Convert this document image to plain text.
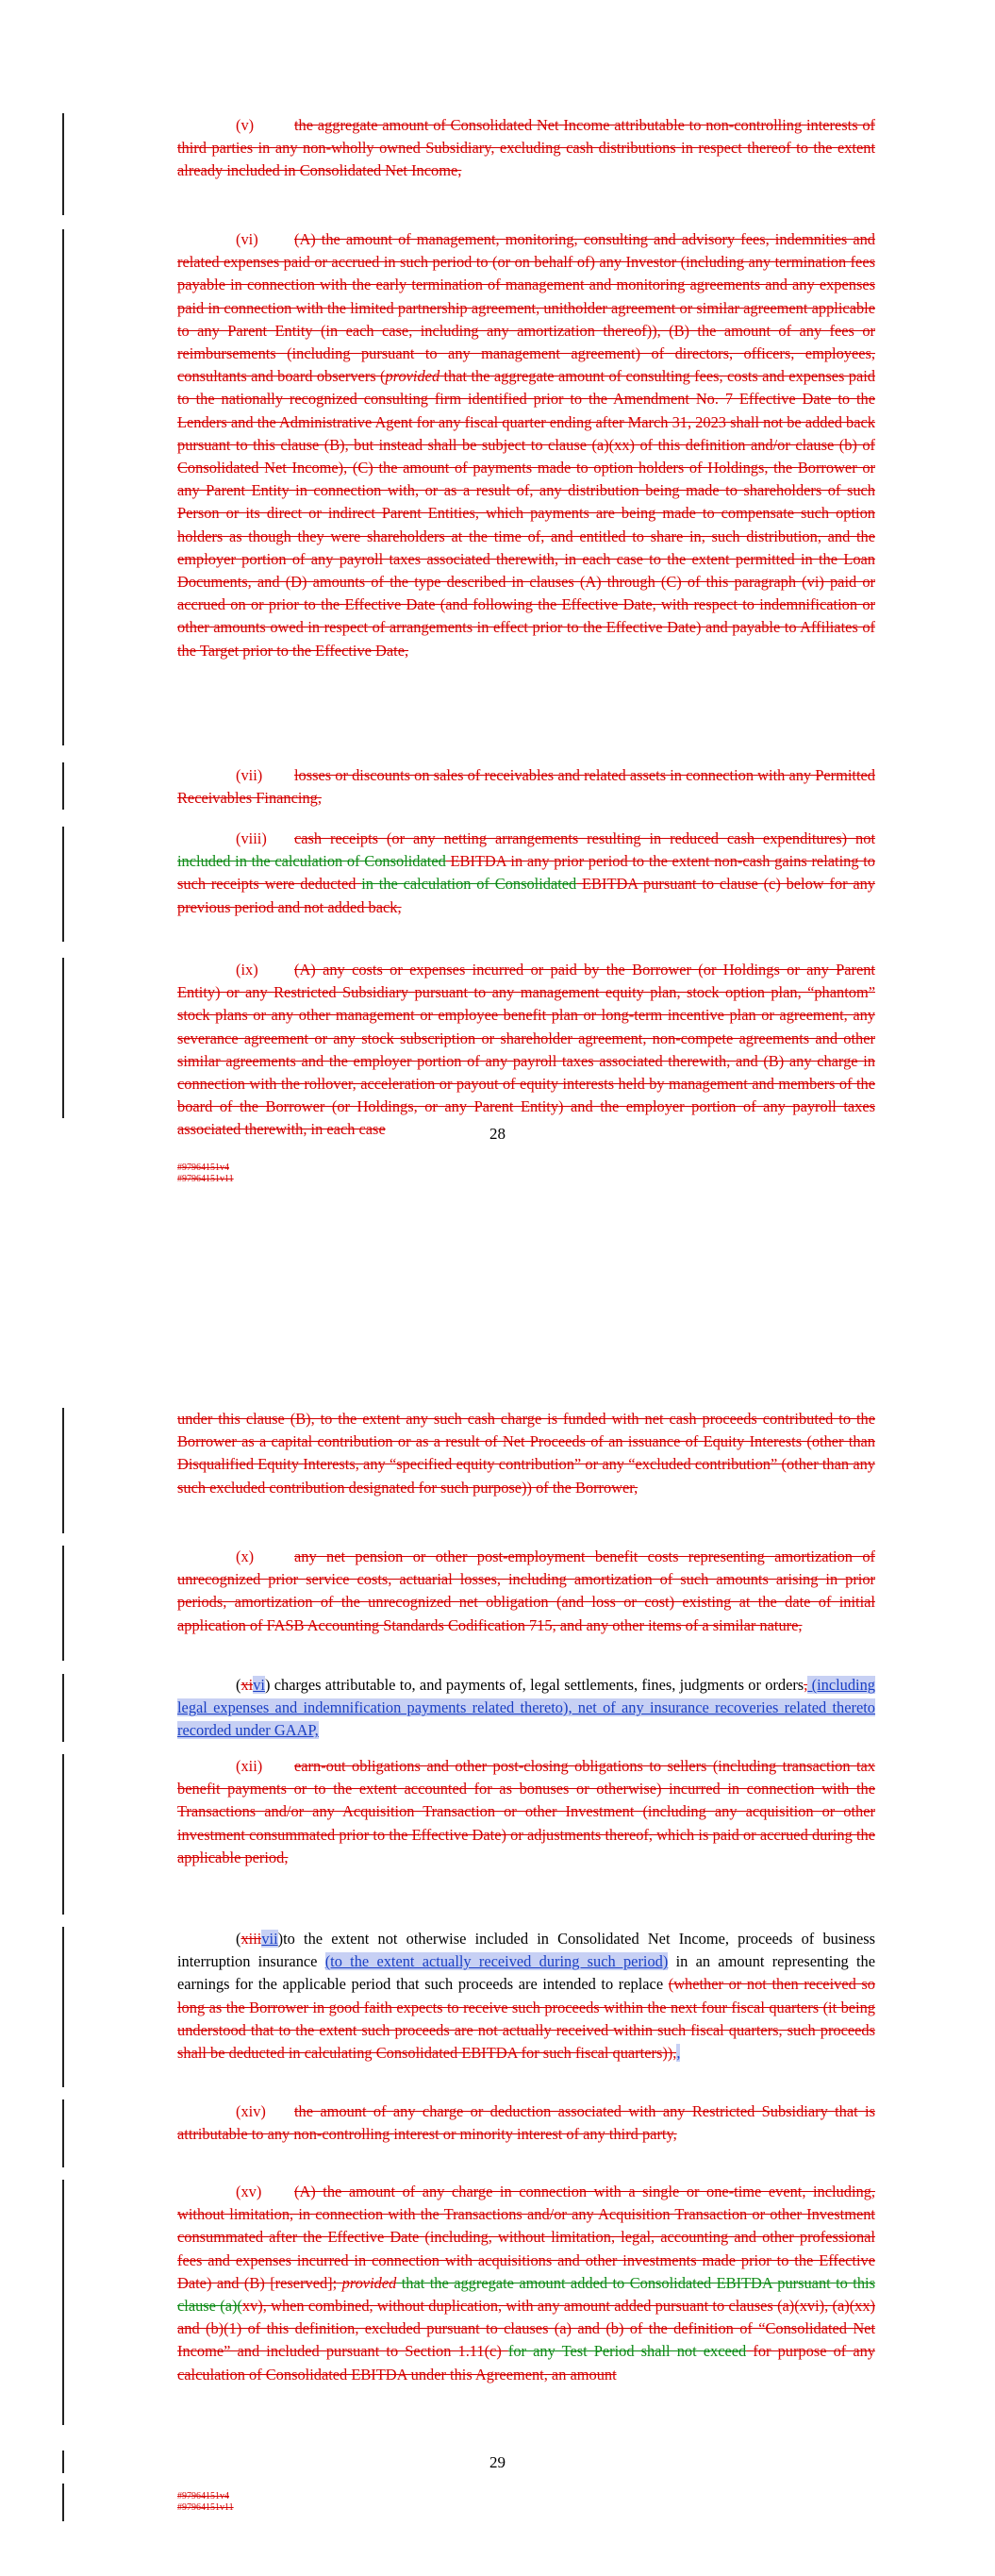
(v)	the aggregate amount of Consolidated Net Income attributable to non-controlling interests of third parties in any non-wholly owned Subsidiary, excluding cash distributions in respect thereof to the extent already included in Consolidated Net Income,

(vi) (A) the amount of management, monitoring, consulting and advisory fees, indemnities and related expenses paid or accrued in such period to (or on behalf of) any Investor (including any termination fees payable in connection with the early termination of management and monitoring agreements and any expenses paid in connection with the limited partnership agreement, unitholder agreement or similar agreement applicable to any Parent Entity (in each case, including any amortization thereof)), (B) the amount of any fees or reimbursements (including pursuant to any management agreement) of directors, officers, employees, consultants and board observers (provided that the aggregate amount of consulting fees, costs and expenses paid to the nationally recognized consulting firm identified prior to the Amendment No. 7 Effective Date to the Lenders and the Administrative Agent for any fiscal quarter ending after March 31, 2023 shall not be added back pursuant to this clause (B), but instead shall be subject to clause (a)(xx) of this definition and/or clause (b) of Consolidated Net Income), (C) the amount of payments made to option holders of Holdings, the Borrower or any Parent Entity in connection with, or as a result of, any distribution being made to shareholders of such Person or its direct or indirect Parent Entities, which payments are being made to compensate such option holders as though they were shareholders at the time of, and entitled to share in, such distribution, and the employer portion of any payroll taxes associated therewith, in each case to the extent permitted in the Loan Documents, and (D) amounts of the type described in clauses (A) through (C) of this paragraph (vi) paid or accrued on or prior to the Effective Date (and following the Effective Date, with respect to indemnification or other amounts owed in respect of arrangements in effect prior to the Effective Date) and payable to Affiliates of the Target prior to the Effective Date,

(vii) losses or discounts on sales of receivables and related assets in connection with any Permitted Receivables Financing,

(viii) cash receipts (or any netting arrangements resulting in reduced cash expenditures) not included in the calculation of Consolidated EBITDA in any prior period to the extent non-cash gains relating to such receipts were deducted in the calculation of Consolidated EBITDA pursuant to clause (c) below for any previous period and not added back,

(ix) (A) any costs or expenses incurred or paid by the Borrower (or Holdings or any Parent Entity) or any Restricted Subsidiary pursuant to any management equity plan, stock option plan, “phantom” stock plans or any other management or employee benefit plan or long-term incentive plan or agreement, any severance agreement or any stock subscription or shareholder agreement, non-compete agreements and other similar agreements and the employer portion of any payroll taxes associated therewith, and (B) any charge in connection with the rollover, acceleration or payout of equity interests held by management and members of the board of the Borrower (or Holdings, or any Parent Entity) and the employer portion of any payroll taxes associated therewith, in each case	28
#97964151v4
#97964151v11

under this clause (B), to the extent any such cash charge is funded with net cash proceeds contributed to the Borrower as a capital contribution or as a result of Net Proceeds of an issuance of Equity Interests (other than Disqualified Equity Interests, any “specified equity contribution” or any “excluded contribution” (other than any such excluded contribution designated for such purpose)) of the Borrower,

(x)	any net pension or other post-employment benefit costs representing amortization of unrecognized prior service costs, actuarial losses, including amortization of such amounts arising in prior periods, amortization of the unrecognized net obligation (and loss or cost) existing at the date of initial application of FASB Accounting Standards Codification 715, and any other items of a similar nature,

(xivi) charges attributable to, and payments of, legal settlements, fines, judgments or orders, (including legal expenses and indemnification payments related thereto), net of any insurance recoveries related thereto recorded under GAAP,

(xii) earn-out obligations and other post-closing obligations to sellers (including transaction tax benefit payments or to the extent accounted for as bonuses or otherwise) incurred in connection with the Transactions and/or any Acquisition Transaction or other Investment (including any acquisition or other investment consummated prior to the Effective Date) or adjustments thereof, which is paid or accrued during the applicable period,

(xiiivii)to the extent not otherwise included in Consolidated Net Income, proceeds of business interruption insurance (to the extent actually received during such period) in an amount representing the earnings for the applicable period that such proceeds are intended to replace (whether or not then received so long as the Borrower in good faith expects to receive such proceeds within the next four fiscal quarters (it being understood that to the extent such proceeds are not actually received within such fiscal quarters, such proceeds shall be deducted in calculating Consolidated EBITDA for such fiscal quarters)),,

(xiv) the amount of any charge or deduction associated with any Restricted Subsidiary that is attributable to any non-controlling interest or minority interest of any third party,

(xv) (A) the amount of any charge in connection with a single or one-time event, including, without limitation, in connection with the Transactions and/or any Acquisition Transaction or other Investment consummated after the Effective Date (including, without limitation, legal, accounting and other professional fees and expenses incurred in connection with acquisitions and other investments made prior to the Effective Date) and (B) [reserved]; provided that the aggregate amount added to Consolidated EBITDA pursuant to this clause (a)(xv), when combined, without duplication, with any amount added pursuant to clauses (a)(xvi), (a)(xx) and (b)(1) of this definition, excluded pursuant to clauses (a) and (b) of the definition of “Consolidated Net Income” and included pursuant to Section 1.11(c) for any Test Period shall not exceed for purpose of any calculation of Consolidated EBITDA under this Agreement, an amount

29
#97964151v4
#97964151v11
